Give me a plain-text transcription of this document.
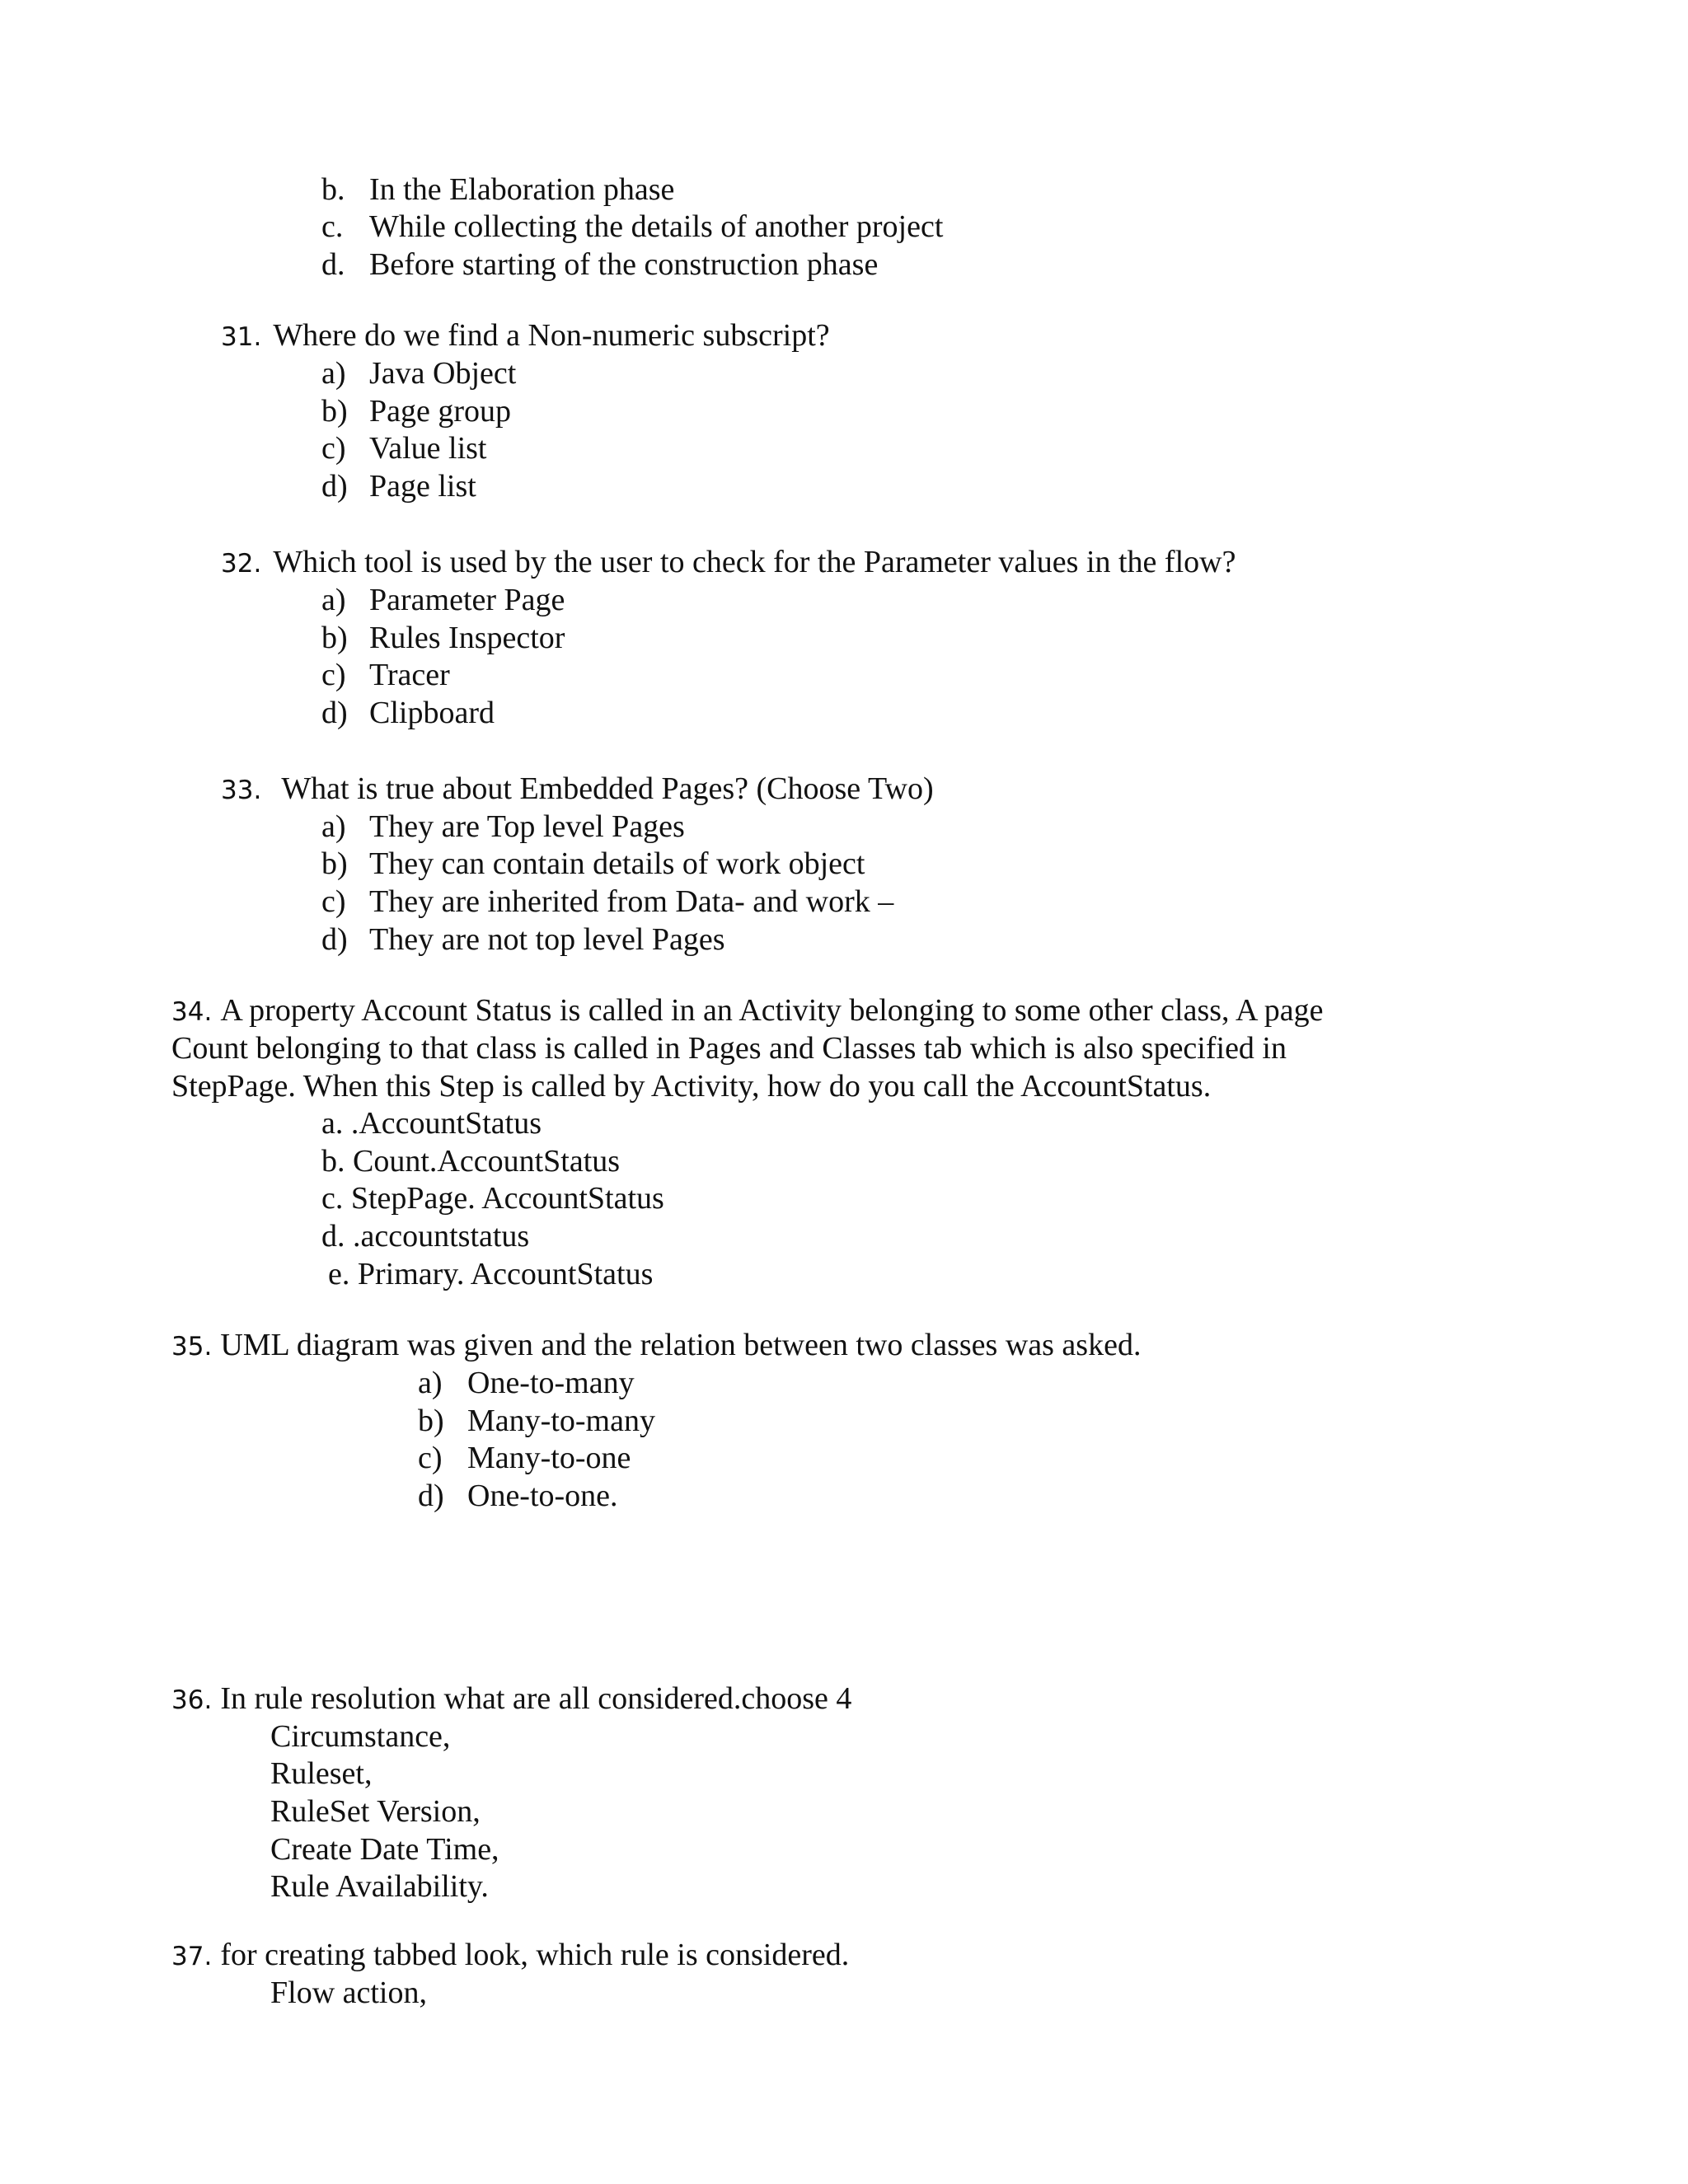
b. In the Elaboration phase
c. While collecting the details of another project
d. Before starting of the construction phase
31. Where do we find a Non-numeric subscript?
a) Java Object
b) Page group
c) Value list
d) Page list
32. Which tool is used by the user to check for the Parameter values in the flow?
a) Parameter Page
b) Rules Inspector
c) Tracer
d) Clipboard
33. What is true about Embedded Pages? (Choose Two)
a) They are Top level Pages
b) They can contain details of work object
c) They are inherited from Data- and work –
d) They are not top level Pages
34. A property Account Status is called in an Activity belonging to some other class, A page
Count belonging to that class is called in Pages and Classes tab which is also specified in
StepPage. When this Step is called by Activity, how do you call the AccountStatus.
a. .AccountStatus
b. Count.AccountStatus
c. StepPage. AccountStatus
d. .accountstatus
e. Primary. AccountStatus
35. UML diagram was given and the relation between two classes was asked.
a) One-to-many
b) Many-to-many
c) Many-to-one
d) One-to-one.
36. In rule resolution what are all considered.choose 4
Circumstance,
Ruleset,
RuleSet Version,
Create Date Time,
Rule Availability.
37. for creating tabbed look, which rule is considered.
Flow action,
